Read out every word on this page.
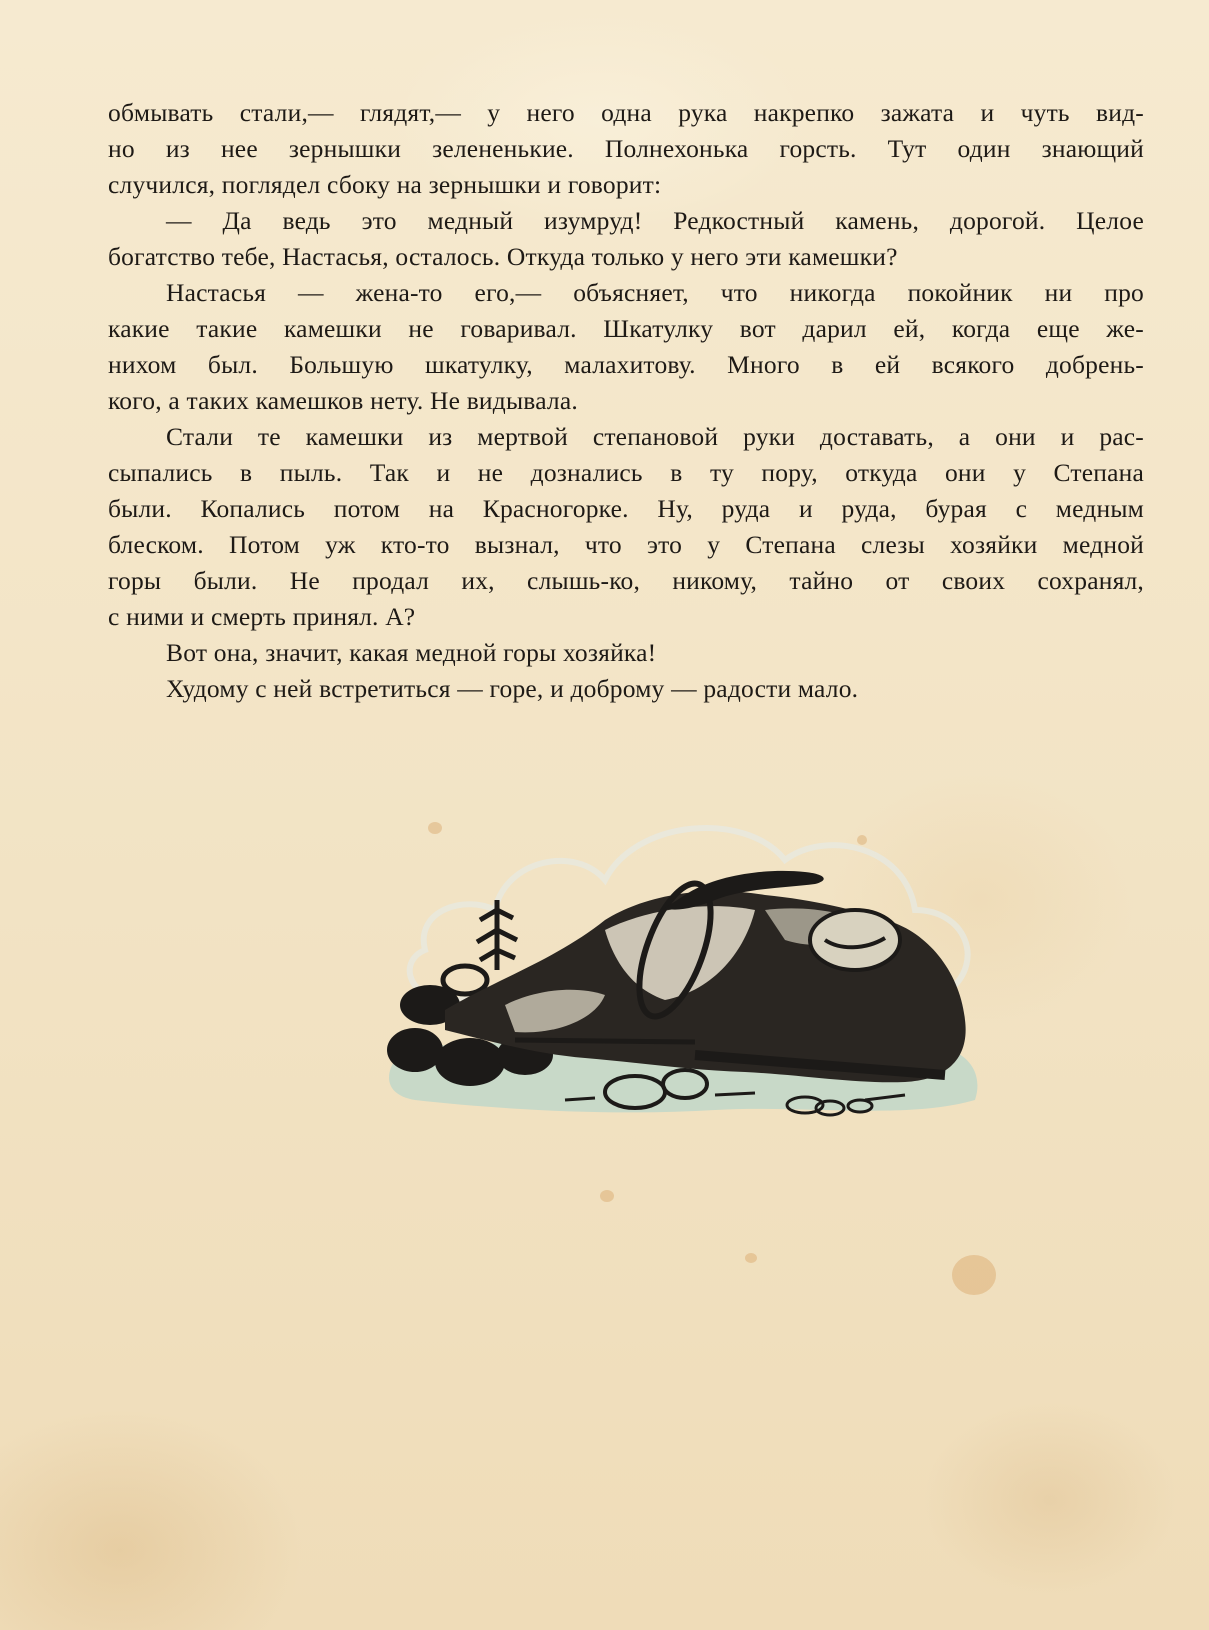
обмывать стали,— глядят,— у него одна рука накрепко зажата и чуть вид-
но из нее зернышки зелененькие. Полнехонька горсть. Тут один знающий
случился, поглядел сбоку на зернышки и говорит:
— Да ведь это медный изумруд! Редкостный камень, дорогой. Целое
богатство тебе, Настасья, осталось. Откуда только у него эти камешки?
Настасья — жена-то его,— объясняет, что никогда покойник ни про
какие такие камешки не говаривал. Шкатулку вот дарил ей, когда еще же-
нихом был. Большую шкатулку, малахитову. Много в ей всякого добрень-
кого, а таких камешков нету. Не видывала.
Стали те камешки из мертвой степановой руки доставать, а они и рас-
сыпались в пыль. Так и не дознались в ту пору, откуда они у Степана
были. Копались потом на Красногорке. Ну, руда и руда, бурая с медным
блеском. Потом уж кто-то вызнал, что это у Степана слезы хозяйки медной
горы были. Не продал их, слышь-ко, никому, тайно от своих сохранял,
с ними и смерть принял. А?
Вот она, значит, какая медной горы хозяйка!
Худому с ней встретиться — горе, и доброму — радости мало.
